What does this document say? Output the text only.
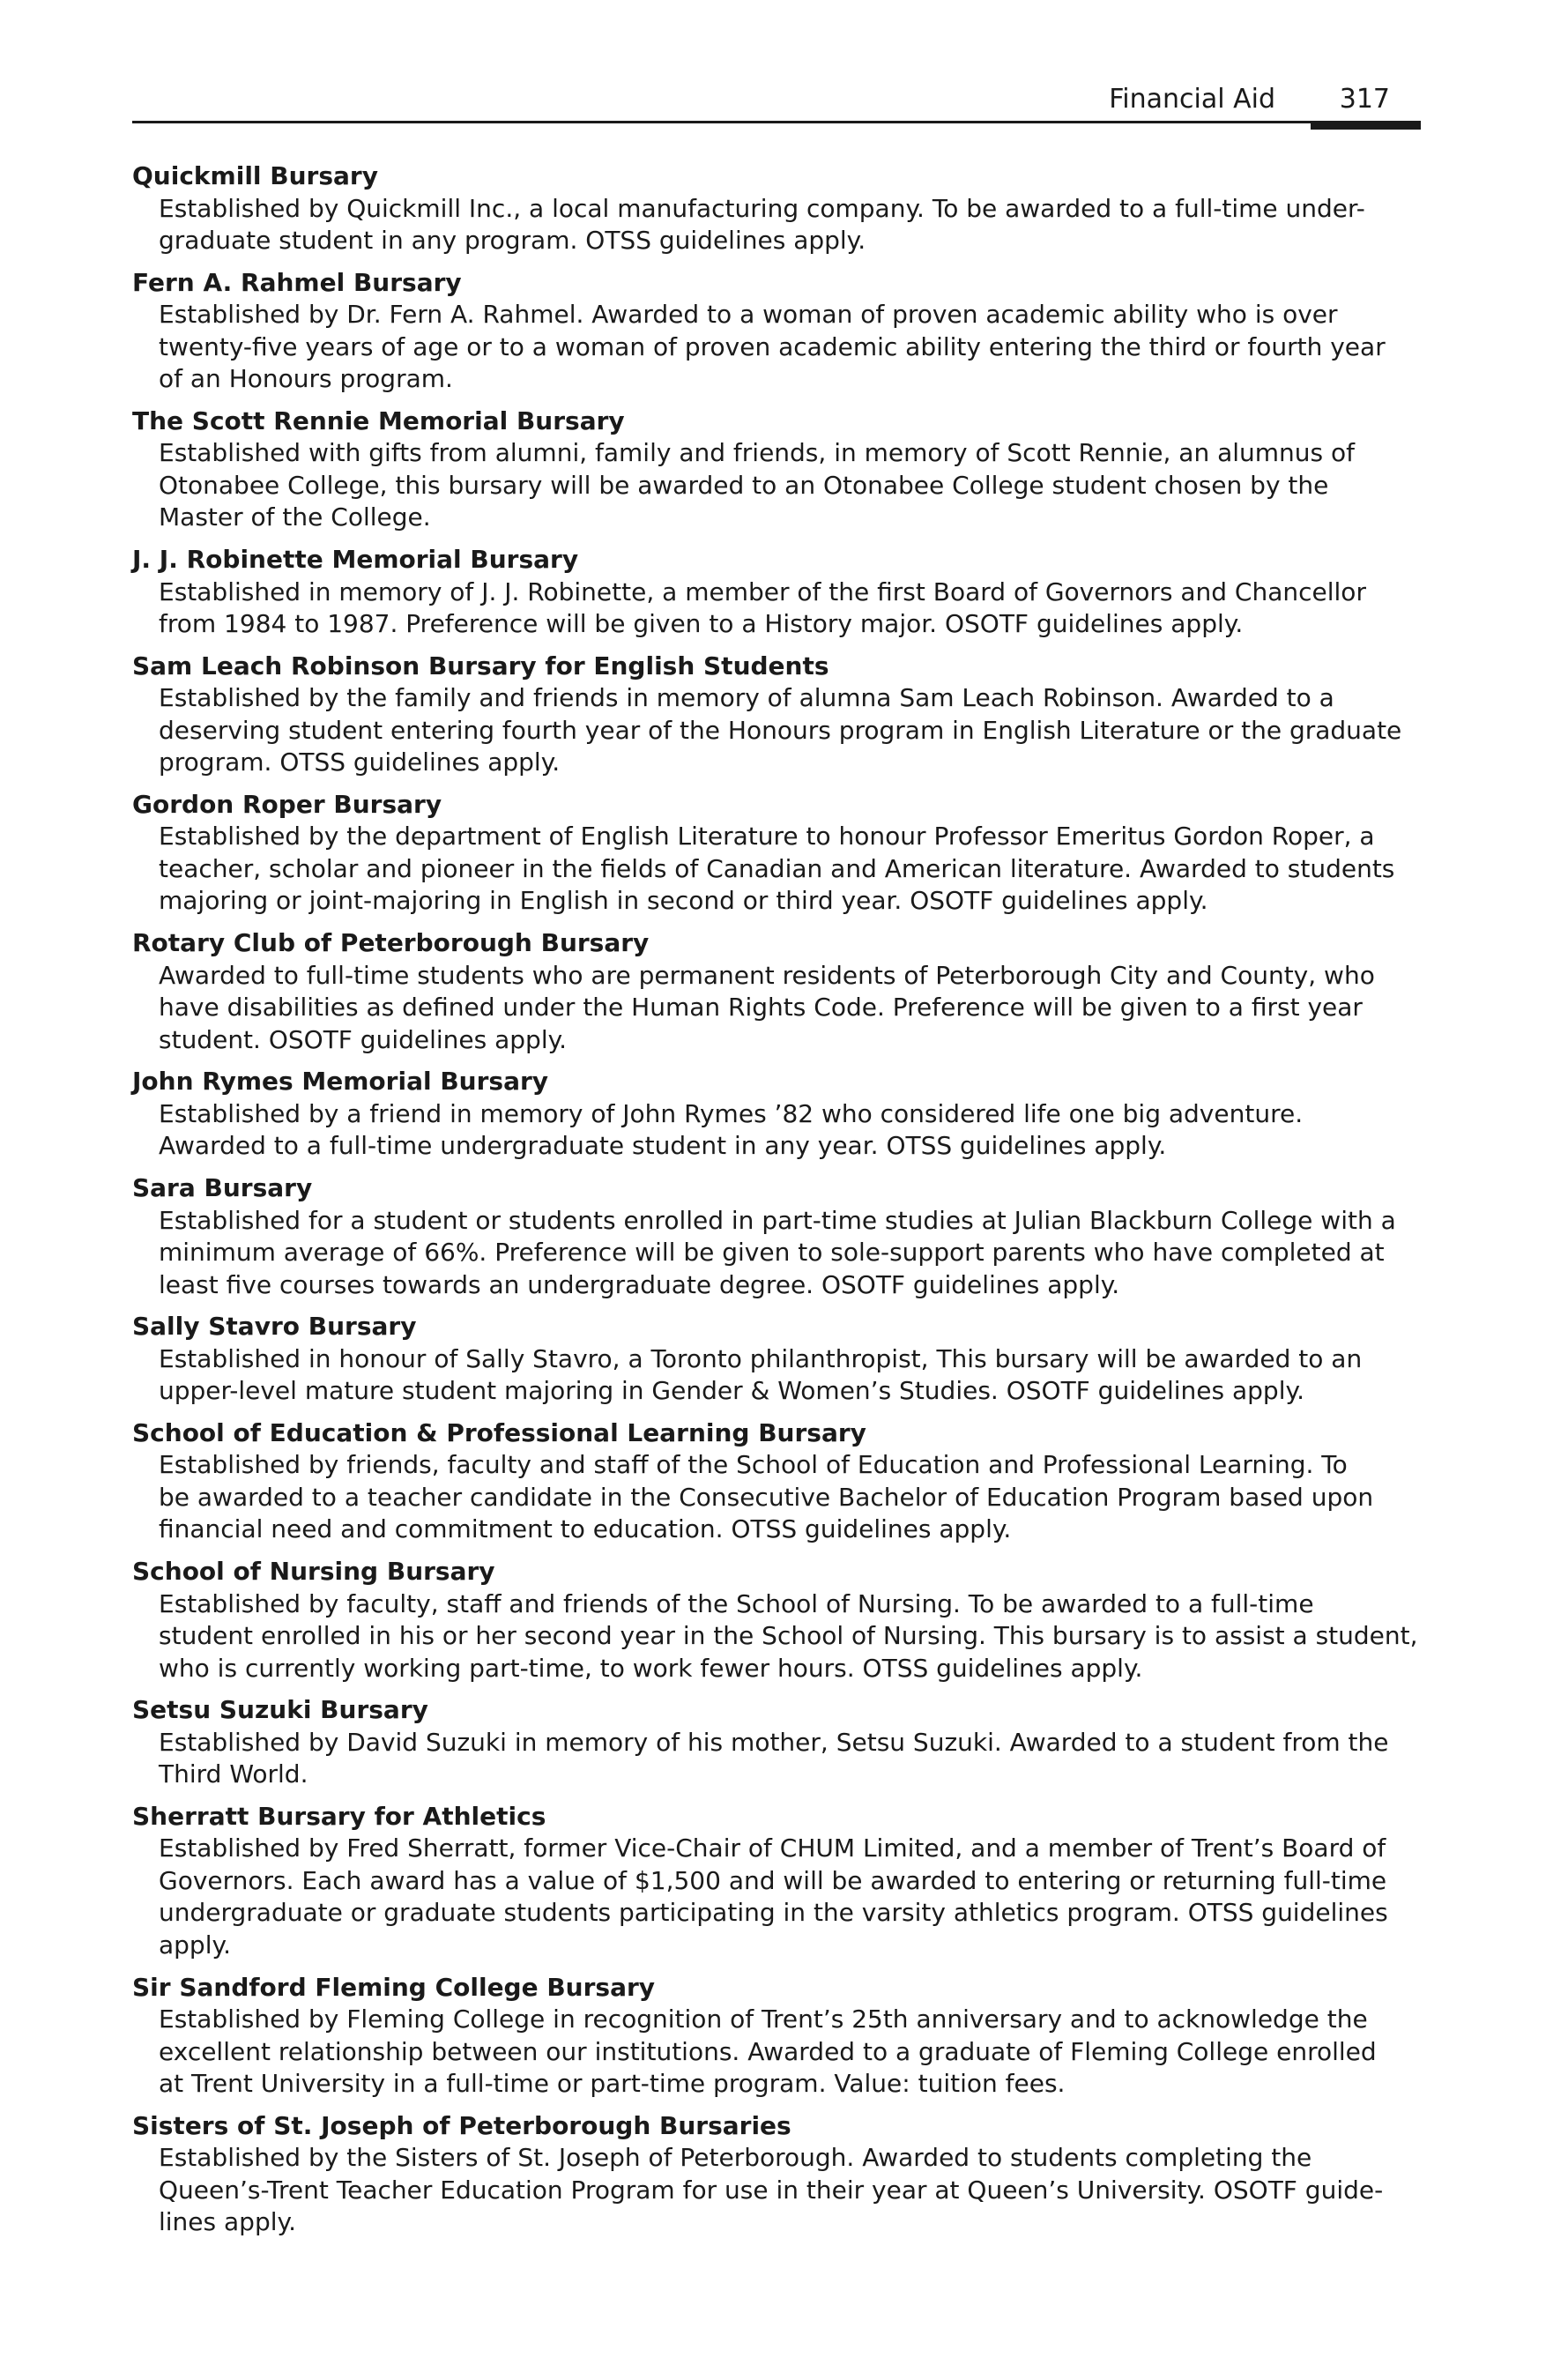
Financial Aid 317
Quickmill Bursary
Established by Quickmill Inc., a local manufacturing company. To be awarded to a full-time under-
graduate student in any program. OTSS guidelines apply.
Fern A. Rahmel Bursary
Established by Dr. Fern A. Rahmel. Awarded to a woman of proven academic ability who is over
twenty-five years of age or to a woman of proven academic ability entering the third or fourth year
of an Honours program.
The Scott Rennie Memorial Bursary
Established with gifts from alumni, family and friends, in memory of Scott Rennie, an alumnus of
Otonabee College, this bursary will be awarded to an Otonabee College student chosen by the
Master of the College.
J. J. Robinette Memorial Bursary
Established in memory of J. J. Robinette, a member of the first Board of Governors and Chancellor
from 1984 to 1987. Preference will be given to a History major. OSOTF guidelines apply.
Sam Leach Robinson Bursary for English Students
Established by the family and friends in memory of alumna Sam Leach Robinson. Awarded to a
deserving student entering fourth year of the Honours program in English Literature or the graduate
program. OTSS guidelines apply.
Gordon Roper Bursary
Established by the department of English Literature to honour Professor Emeritus Gordon Roper, a
teacher, scholar and pioneer in the fields of Canadian and American literature. Awarded to students
majoring or joint-majoring in English in second or third year. OSOTF guidelines apply.
Rotary Club of Peterborough Bursary
Awarded to full-time students who are permanent residents of Peterborough City and County, who
have disabilities as defined under the Human Rights Code. Preference will be given to a first year
student. OSOTF guidelines apply.
John Rymes Memorial Bursary
Established by a friend in memory of John Rymes ’82 who considered life one big adventure.
Awarded to a full-time undergraduate student in any year. OTSS guidelines apply.
Sara Bursary
Established for a student or students enrolled in part-time studies at Julian Blackburn College with a
minimum average of 66%. Preference will be given to sole-support parents who have completed at
least five courses towards an undergraduate degree. OSOTF guidelines apply.
Sally Stavro Bursary
Established in honour of Sally Stavro, a Toronto philanthropist, This bursary will be awarded to an
upper-level mature student majoring in Gender & Women’s Studies. OSOTF guidelines apply.
School of Education & Professional Learning Bursary
Established by friends, faculty and staff of the School of Education and Professional Learning. To
be awarded to a teacher candidate in the Consecutive Bachelor of Education Program based upon
financial need and commitment to education. OTSS guidelines apply.
School of Nursing Bursary
Established by faculty, staff and friends of the School of Nursing. To be awarded to a full-time
student enrolled in his or her second year in the School of Nursing. This bursary is to assist a student,
who is currently working part-time, to work fewer hours. OTSS guidelines apply.
Setsu Suzuki Bursary
Established by David Suzuki in memory of his mother, Setsu Suzuki. Awarded to a student from the
Third World.
Sherratt Bursary for Athletics
Established by Fred Sherratt, former Vice-Chair of CHUM Limited, and a member of Trent’s Board of
Governors. Each award has a value of $1,500 and will be awarded to entering or returning full-time
undergraduate or graduate students participating in the varsity athletics program. OTSS guidelines
apply.
Sir Sandford Fleming College Bursary
Established by Fleming College in recognition of Trent’s 25th anniversary and to acknowledge the
excellent relationship between our institutions. Awarded to a graduate of Fleming College enrolled
at Trent University in a full-time or part-time program. Value: tuition fees.
Sisters of St. Joseph of Peterborough Bursaries
Established by the Sisters of St. Joseph of Peterborough. Awarded to students completing the
Queen’s-Trent Teacher Education Program for use in their year at Queen’s University. OSOTF guide-
lines apply.
